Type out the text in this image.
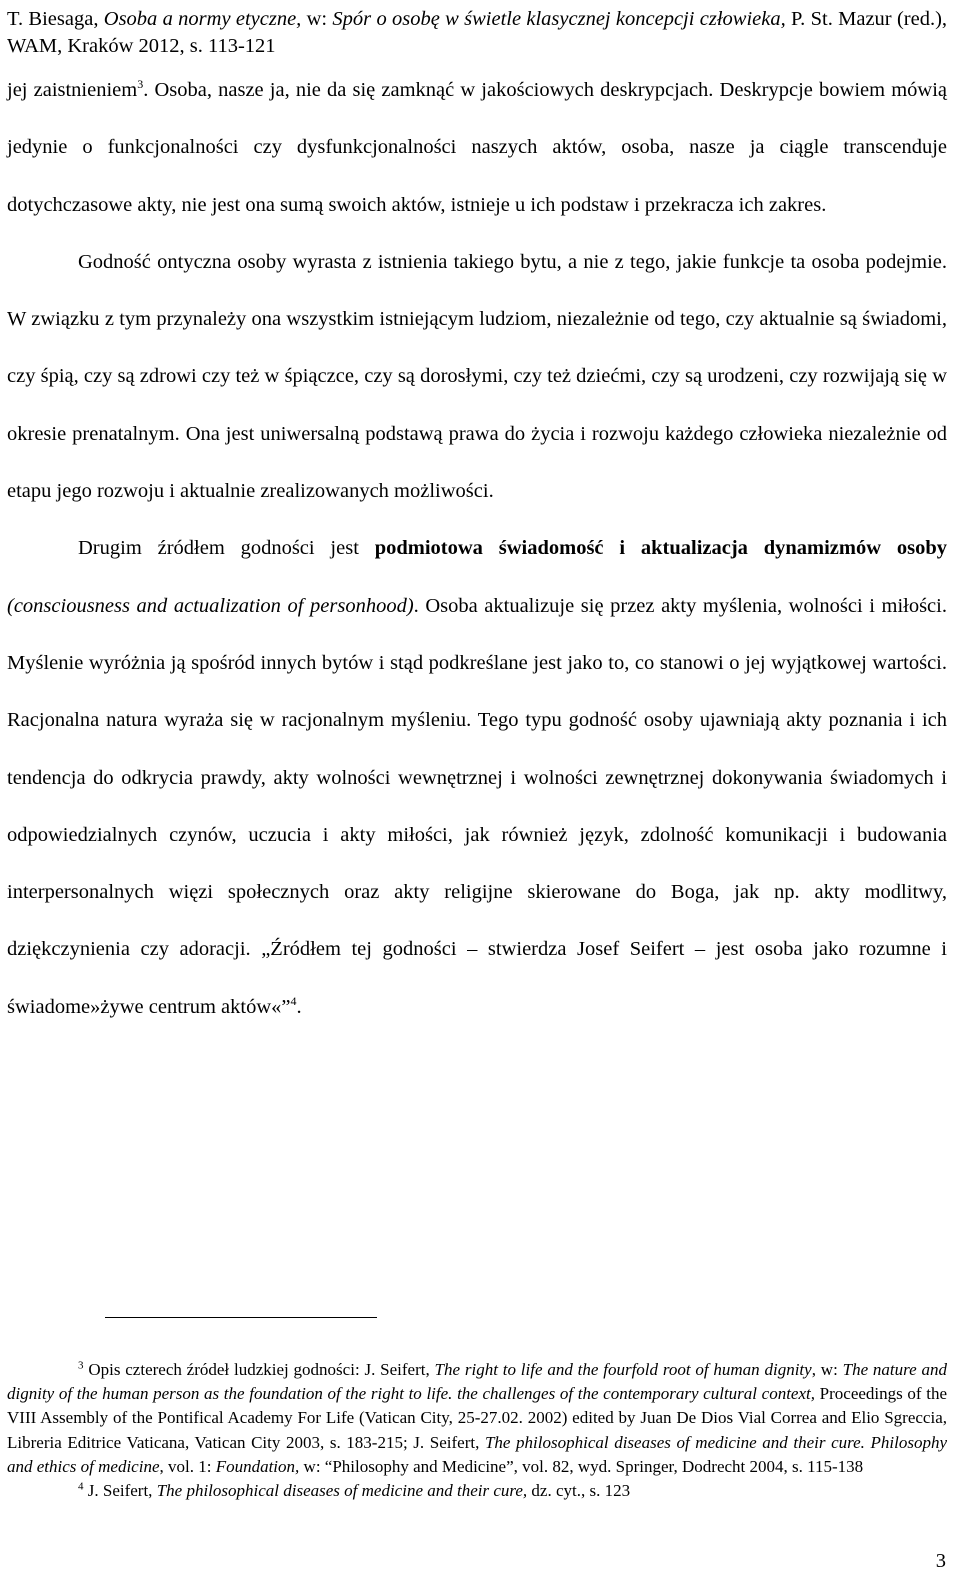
T. Biesaga, Osoba a normy etyczne, w: Spór o osobę w świetle klasycznej koncepcji człowieka, P. St. Mazur (red.), WAM, Kraków 2012, s. 113-121

jej zaistnieniem$^3$. Osoba, nasze ja, nie da się zamknąć w jakościowych deskrypcjach. Deskrypcje bowiem mówią jedynie o funkcjonalności czy dysfunkcjonalności naszych aktów, osoba, nasze ja ciągle transcenduje dotychczasowe akty, nie jest ona sumą swoich aktów, istnieje u ich podstaw i przekracza ich zakres.

Godność ontyczna osoby wyrasta z istnienia takiego bytu, a nie z tego, jakie funkcje ta osoba podejmie. W związku z tym przynależy ona wszystkim istniejącym ludziom, niezależnie od tego, czy aktualnie są świadomi, czy śpią, czy są zdrowi czy też w śpiączce, czy są dorosłymi, czy też dziećmi, czy są urodzeni, czy rozwijają się w okresie prenatalnym. Ona jest uniwersalną podstawą prawa do życia i rozwoju każdego człowieka niezależnie od etapu jego rozwoju i aktualnie zrealizowanych możliwości.

Drugim źródłem godności jest podmiotowa świadomość i aktualizacja dynamizmów osoby (consciousness and actualization of personhood). Osoba aktualizuje się przez akty myślenia, wolności i miłości. Myślenie wyróżnia ją spośród innych bytów i stąd podkreślane jest jako to, co stanowi o jej wyjątkowej wartości. Racjonalna natura wyraża się w racjonalnym myśleniu. Tego typu godność osoby ujawniają akty poznania i ich tendencja do odkrycia prawdy, akty wolności wewnętrznej i wolności zewnętrznej dokonywania świadomych i odpowiedzialnych czynów, uczucia i akty miłości, jak również język, zdolność komunikacji i budowania interpersonalnych więzi społecznych oraz akty religijne skierowane do Boga, jak np. akty modlitwy, dziękczynienia czy adoracji. „Źródłem tej godności – stwierdza Josef Seifert – jest osoba jako rozumne i świadome»żywe centrum aktów«”$^4$.

$^3$ Opis czterech źródeł ludzkiej godności: J. Seifert, The right to life and the fourfold root of human dignity, w: The nature and dignity of the human person as the foundation of the right to life. the challenges of the contemporary cultural context, Proceedings of the VIII Assembly of the Pontifical Academy For Life (Vatican City, 25-27.02. 2002) edited by Juan De Dios Vial Correa and Elio Sgreccia, Libreria Editrice Vaticana, Vatican City 2003, s. 183-215; J. Seifert, The philosophical diseases of medicine and their cure. Philosophy and ethics of medicine, vol. 1: Foundation, w: “Philosophy and Medicine”, vol. 82, wyd. Springer, Dodrecht 2004, s. 115-138

$^4$ J. Seifert, The philosophical diseases of medicine and their cure, dz. cyt., s. 123

3
